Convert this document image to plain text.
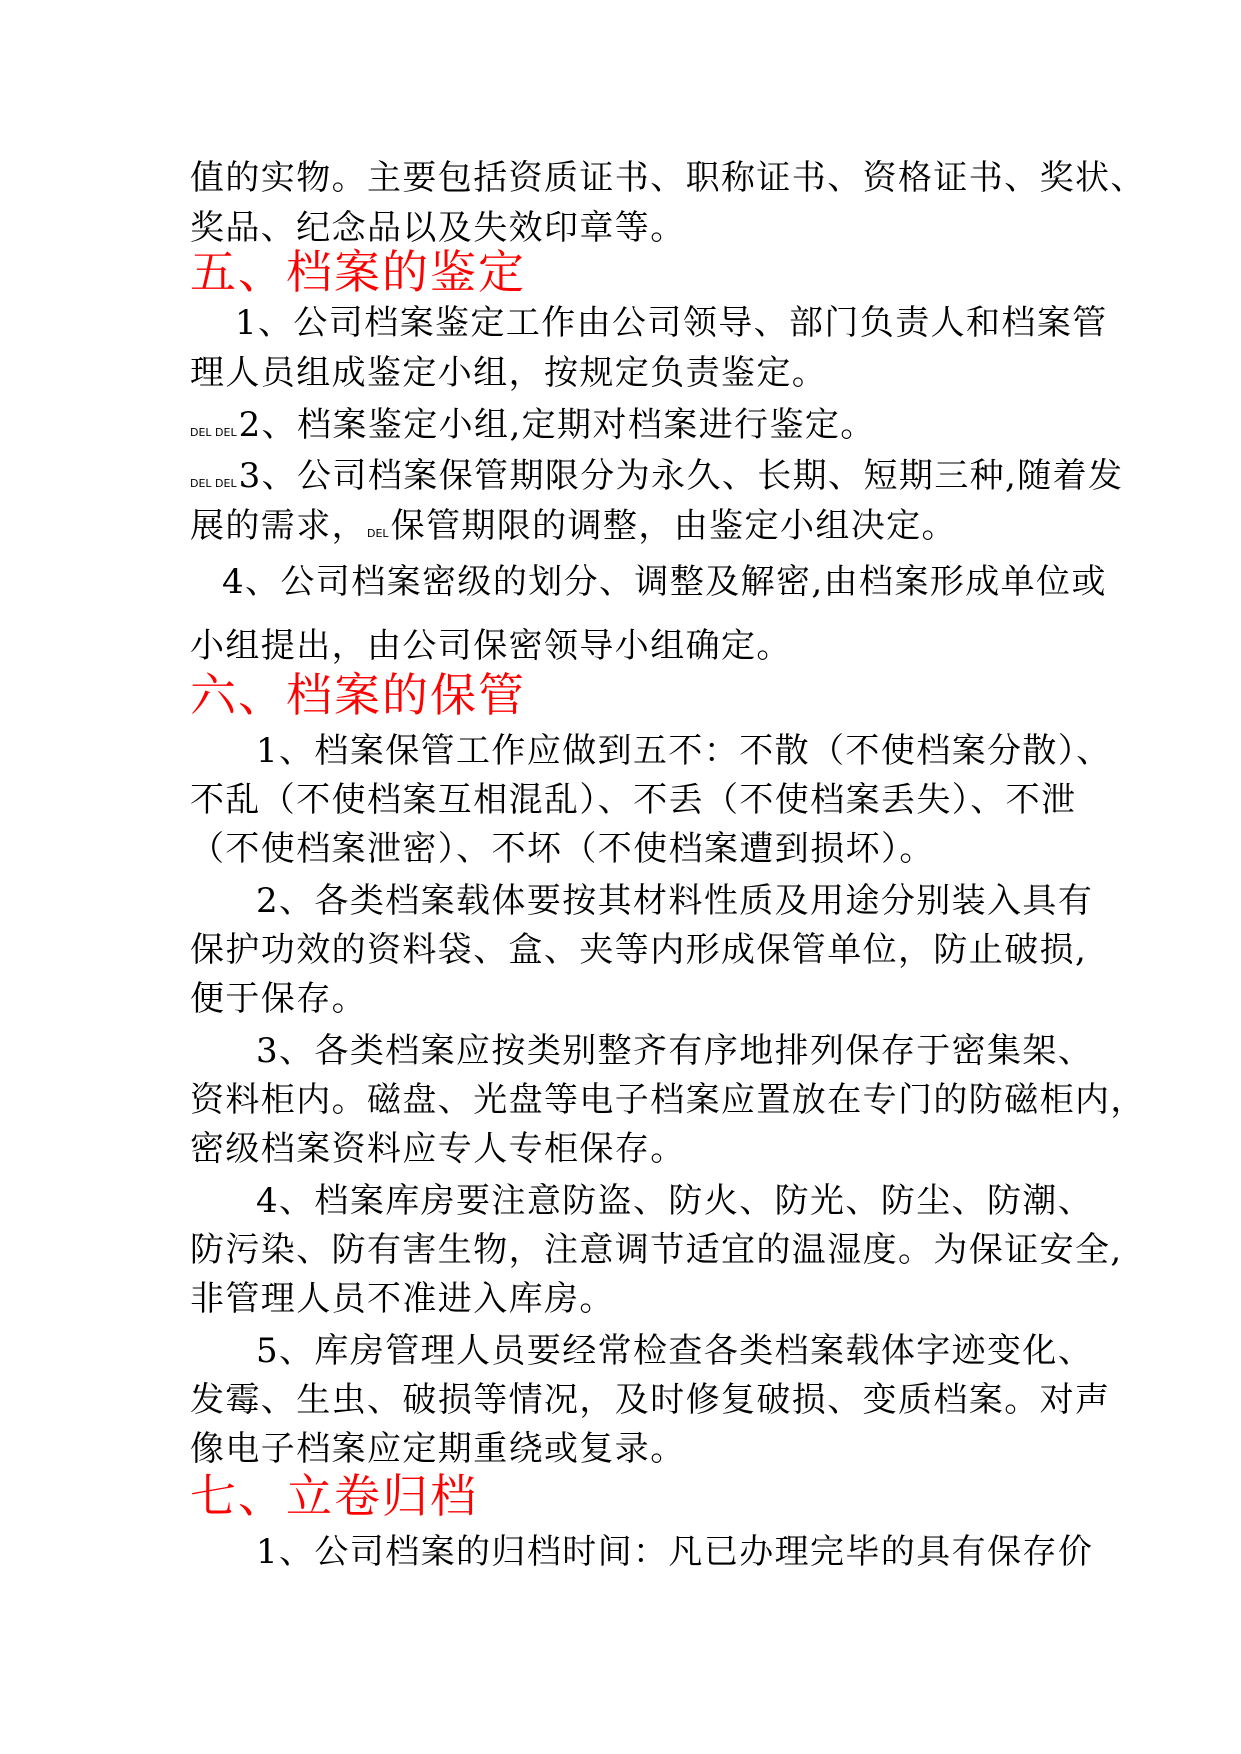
值的实物。主要包括资质证书、职称证书、资格证书、奖状、
奖品、纪念品以及失效印章等。
五、档案的鉴定
1、公司档案鉴定工作由公司领导、部门负责人和档案管
理人员组成鉴定小组，按规定负责鉴定。
DEL DEL2、档案鉴定小组,定期对档案进行鉴定。
DEL DEL3、公司档案保管期限分为永久、长期、短期三种,随着发
展的需求，DEL保管期限的调整，由鉴定小组决定。
4、公司档案密级的划分、调整及解密,由档案形成单位或
小组提出，由公司保密领导小组确定。
六、档案的保管
1、档案保管工作应做到五不：不散（不使档案分散）、
不乱（不使档案互相混乱）、不丢（不使档案丢失）、不泄
（不使档案泄密）、不坏（不使档案遭到损坏）。
2、各类档案载体要按其材料性质及用途分别装入具有
保护功效的资料袋、盒、夹等内形成保管单位，防止破损,
便于保存。
3、各类档案应按类别整齐有序地排列保存于密集架、
资料柜内。磁盘、光盘等电子档案应置放在专门的防磁柜内，
密级档案资料应专人专柜保存。
4、档案库房要注意防盗、防火、防光、防尘、防潮、
防污染、防有害生物，注意调节适宜的温湿度。为保证安全,
非管理人员不准进入库房。
5、库房管理人员要经常检查各类档案载体字迹变化、
发霉、生虫、破损等情况，及时修复破损、变质档案。对声
像电子档案应定期重绕或复录。
七、立卷归档
1、公司档案的归档时间：凡已办理完毕的具有保存价
